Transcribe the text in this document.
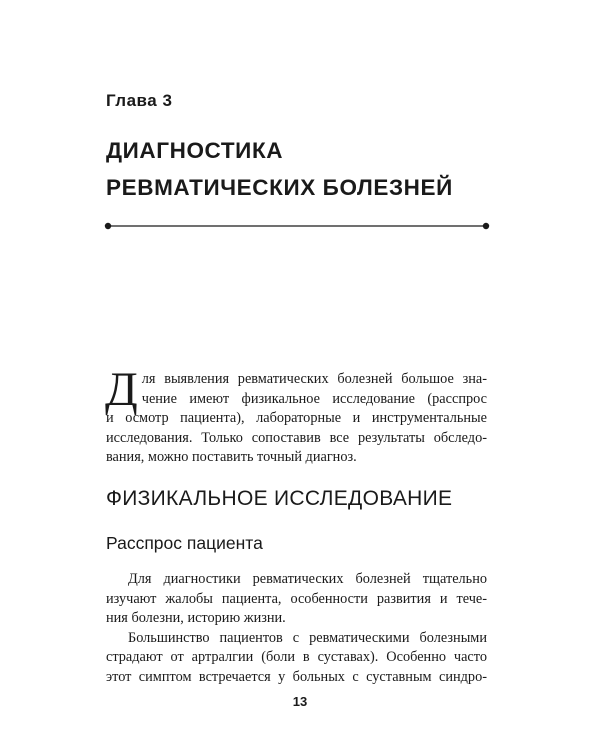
Глава 3
ДИАГНОСТИКА
РЕВМАТИЧЕСКИХ БОЛЕЗНЕЙ
Д ля выявления ревматических болезней большое зна-
чение имеют физикальное исследование (расспрос
и осмотр пациента), лабораторные и инструментальные
исследования. Только сопоставив все результаты обследо-
вания, можно поставить точный диагноз.
ФИЗИКАЛЬНОЕ ИССЛЕДОВАНИЕ
Расспрос пациента
Для диагностики ревматических болезней тщательно
изучают жалобы пациента, особенности развития и тече-
ния болезни, историю жизни.
Большинство пациентов с ревматическими болезными
страдают от артралгии (боли в суставах). Особенно часто
этот симптом встречается у больных с суставным синдро-
13
